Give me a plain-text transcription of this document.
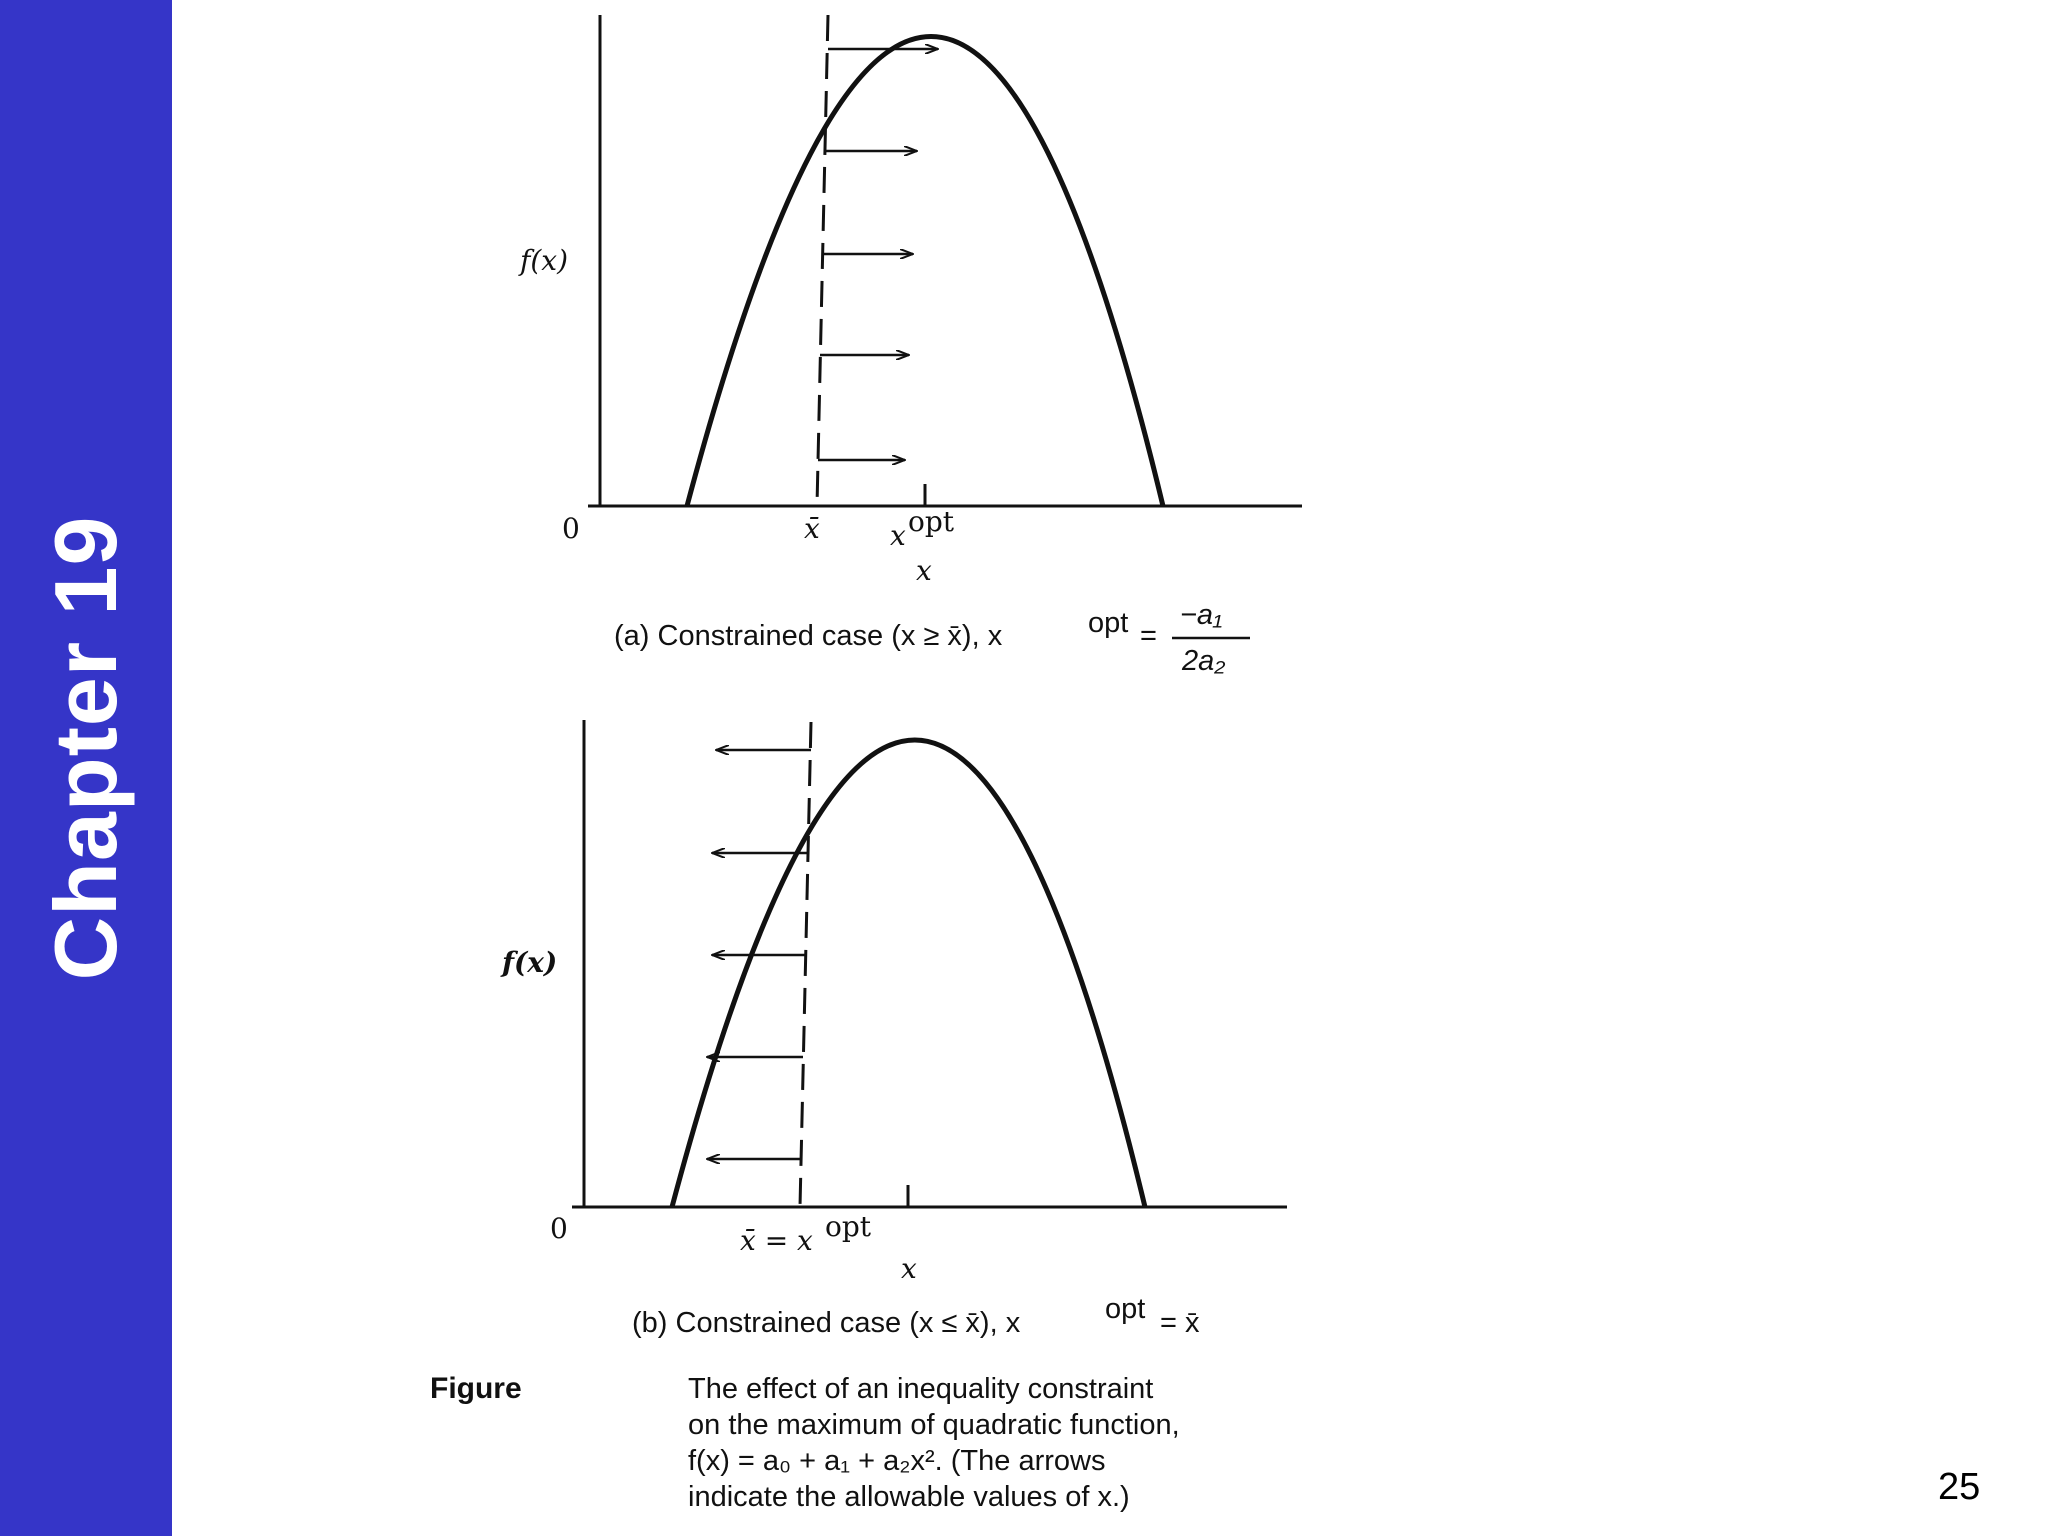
Chapter 19
f(x)
0	x̄	x opt
x
(a) Constrained case (x ≥ x̄), x	opt =
−a₁
2a₂
f(x)
0	x̄ = x opt
x
(b) Constrained case (x ≤ x̄), x	opt = x̄
Figure	The effect of an inequality constraint
on the maximum of quadratic function,
f(x) = a₀ + a₁ + a₂x². (The arrows
indicate the allowable values of x.)	25
